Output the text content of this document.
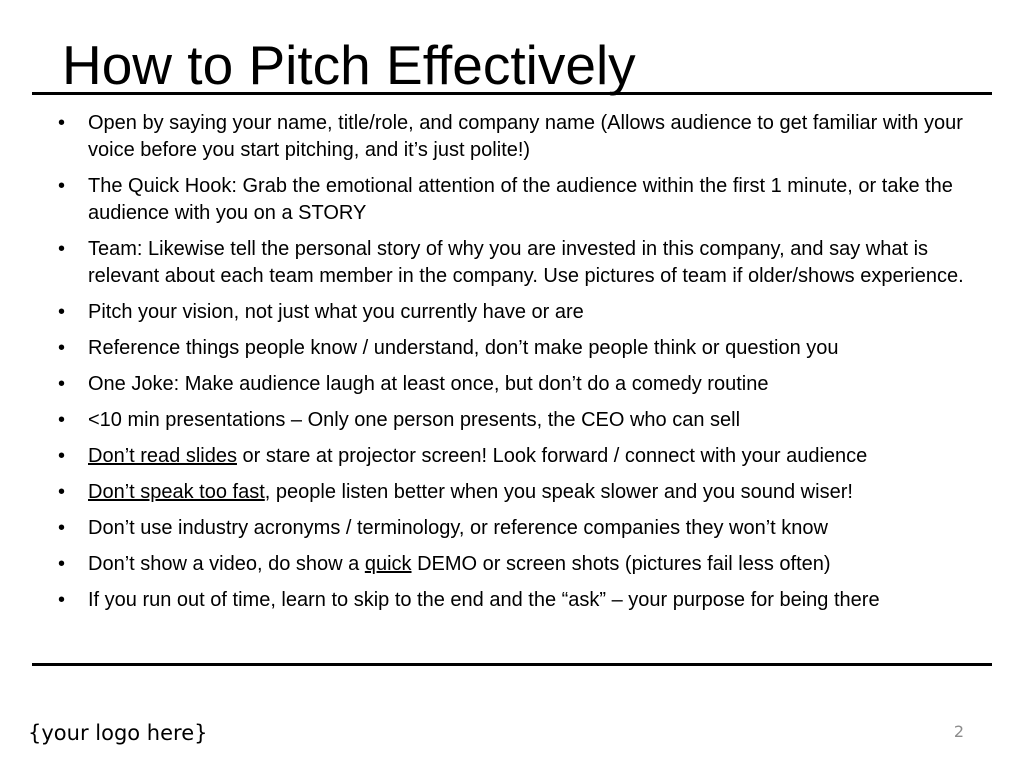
How to Pitch Effectively
•	Open by saying your name, title/role, and company name (Allows audience to get familiar with your voice before you start pitching, and it’s just polite!)
•	The Quick Hook: Grab the emotional attention of the audience within the first 1 minute, or take the audience with you on a STORY
•	Team: Likewise tell the personal story of why you are invested in this company, and say what is relevant about each team member in the company. Use pictures of team if older/shows experience.
•	Pitch your vision, not just what you currently have or are
•	Reference things people know / understand, don’t make people think or question you
•	One Joke: Make audience laugh at least once, but don’t do a comedy routine
•	<10 min presentations – Only one person presents, the CEO who can sell
•	Don’t read slides or stare at projector screen! Look forward / connect with your audience
•	Don’t speak too fast, people listen better when you speak slower and you sound wiser!
•	Don’t use industry acronyms / terminology, or reference companies they won’t know
•	Don’t show a video, do show a quick DEMO or screen shots (pictures fail less often)
•	If you run out of time, learn to skip to the end and the “ask” – your purpose for being there
{your logo here}	2
